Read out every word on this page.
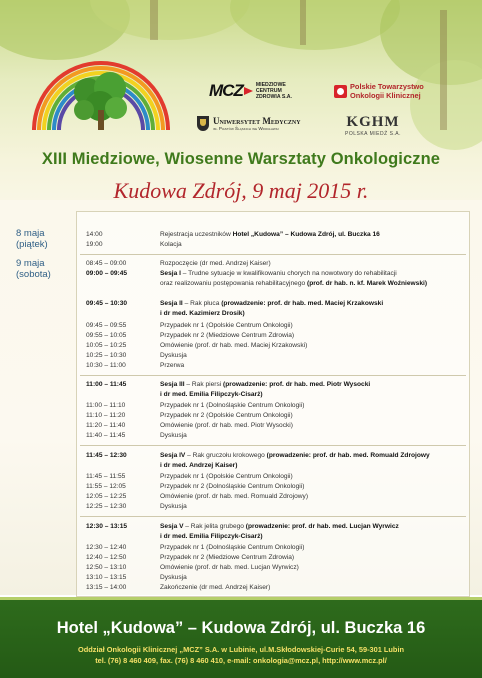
MCZ	MIEDZIOWE
CENTRUM
ZDROWIA S.A.
Polskie Towarzystwo
Onkologii Klinicznej
Uniwersytet Medyczny
im. Piastów Śląskich we Wrocławiu	KGHM
POLSKA MIEDŹ S.A.
XIII Miedziowe, Wiosenne Warsztaty Onkologiczne
Kudowa Zdrój, 9 maj 2015 r.
8 maja
(piątek)
9 maja
(sobota)
14:00	Rejestracja uczestników Hotel „Kudowa” – Kudowa Zdrój, ul. Buczka 16
19:00	Kolacja
08:45 – 09:00	Rozpoczęcie (dr med. Andrzej Kaiser)
09:00 – 09:45	Sesja I – Trudne sytuacje w kwalifikowaniu chorych na nowotwory do rehabilitacji
oraz realizowaniu postępowania rehabilitacyjnego (prof. dr hab. n. kf. Marek Woźniewski)
09:45 – 10:30	Sesja II – Rak płuca (prowadzenie: prof. dr hab. med. Maciej Krzakowski
i dr med. Kazimierz Drosik)
09:45 – 09:55	Przypadek nr 1 (Opolskie Centrum Onkologii)
09:55 – 10:05	Przypadek nr 2 (Miedziowe Centrum Zdrowia)
10:05 – 10:25	Omówienie (prof. dr hab. med. Maciej Krzakowski)
10:25 – 10:30	Dyskusja
10:30 – 11:00	Przerwa
11:00 – 11:45	Sesja III – Rak piersi (prowadzenie: prof. dr hab. med. Piotr Wysocki
i dr med. Emilia Filipczyk-Cisarż)
11:00 – 11:10	Przypadek nr 1 (Dolnośląskie Centrum Onkologii)
11:10 – 11:20	Przypadek nr 2 (Opolskie Centrum Onkologii)
11:20 – 11:40	Omówienie (prof. dr hab. med. Piotr Wysocki)
11:40 – 11:45	Dyskusja
11:45 – 12:30	Sesja IV – Rak gruczołu krokowego (prowadzenie: prof. dr hab. med. Romuald Zdrojowy
i dr med. Andrzej Kaiser)
11:45 – 11:55	Przypadek nr 1 (Opolskie Centrum Onkologii)
11:55 – 12:05	Przypadek nr 2 (Dolnośląskie Centrum Onkologii)
12:05 – 12:25	Omówienie (prof. dr hab. med. Romuald Zdrojowy)
12:25 – 12:30	Dyskusja
12:30 – 13:15	Sesja V – Rak jelita grubego (prowadzenie: prof. dr hab. med. Lucjan Wyrwicz
i dr med. Emilia Filipczyk-Cisarż)
12:30 – 12:40	Przypadek nr 1 (Dolnośląskie Centrum Onkologii)
12:40 – 12:50	Przypadek nr 2 (Miedziowe Centrum Zdrowia)
12:50 – 13:10	Omówienie (prof. dr hab. med. Lucjan Wyrwicz)
13:10 – 13:15	Dyskusja
13:15 – 14:00	Zakończenie (dr med. Andrzej Kaiser)
Hotel „Kudowa” – Kudowa Zdrój, ul. Buczka 16
Oddział Onkologii Klinicznej „MCZ” S.A. w Lubinie, ul.M.Skłodowskiej-Curie 54, 59-301 Lubin
tel. (76) 8 460 409, fax. (76) 8 460 410, e-mail: onkologia@mcz.pl, http://www.mcz.pl/
